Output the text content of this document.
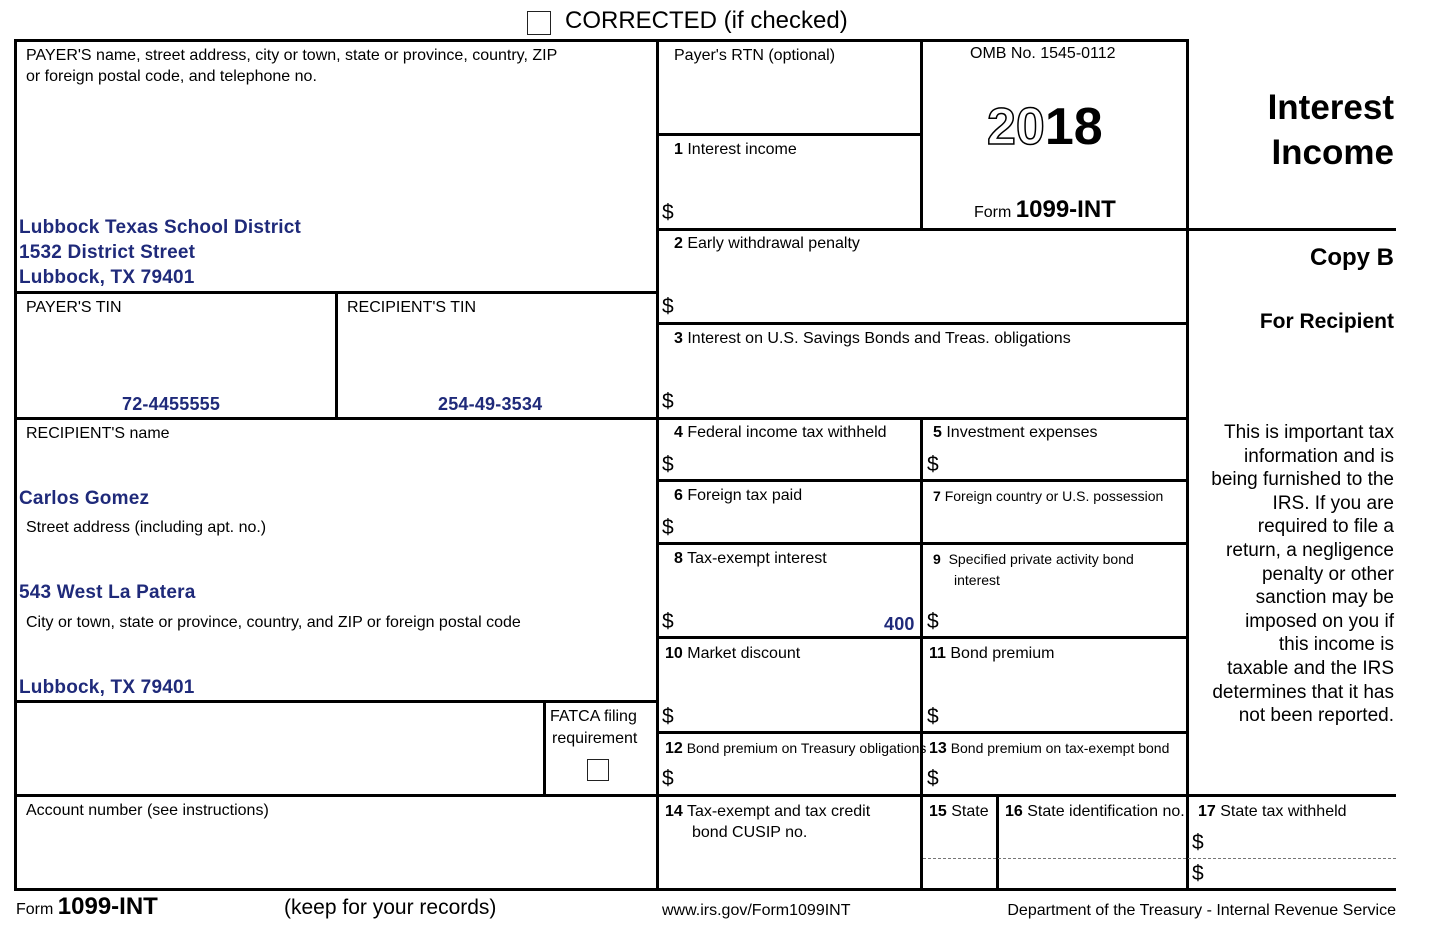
CORRECTED (if checked)
PAYER'S name, street address, city or town, state or province, country, ZIP
or foreign postal code, and telephone no.
Lubbock Texas School District
1532 District Street
Lubbock, TX 79401
PAYER'S TIN
72-4455555
RECIPIENT'S TIN
254-49-3534
RECIPIENT'S name
Carlos Gomez
Street address (including apt. no.)
543 West La Patera
City or town, state or province, country, and ZIP or foreign postal code
Lubbock, TX 79401
FATCA filing
requirement
Account number (see instructions)
Payer's RTN (optional)	OMB No. 1545-0112
2018
Form 1099-INT
Interest
Income
Copy B
For Recipient
This is important tax
information and is
being furnished to the
IRS. If you are
required to file a
return, a negligence
penalty or other
sanction may be
imposed on you if
this income is
taxable and the IRS
determines that it has
not been reported.
1 Interest income
$
2 Early withdrawal penalty
$
3 Interest on U.S. Savings Bonds and Treas. obligations
$
4 Federal income tax withheld
$
5 Investment expenses
$
6 Foreign tax paid
$
7 Foreign country or U.S. possession
8 Tax-exempt interest
$	400
9 Specified private activity bond
interest
$
10 Market discount
$
11 Bond premium
$
12 Bond premium on Treasury obligations
$
13 Bond premium on tax-exempt bond
$
14 Tax-exempt and tax credit
bond CUSIP no.
15 State 16 State identification no. 17 State tax withheld
$
$
Form 1099-INT	(keep for your records)	www.irs.gov/Form1099INT	Department of the Treasury - Internal Revenue Service
